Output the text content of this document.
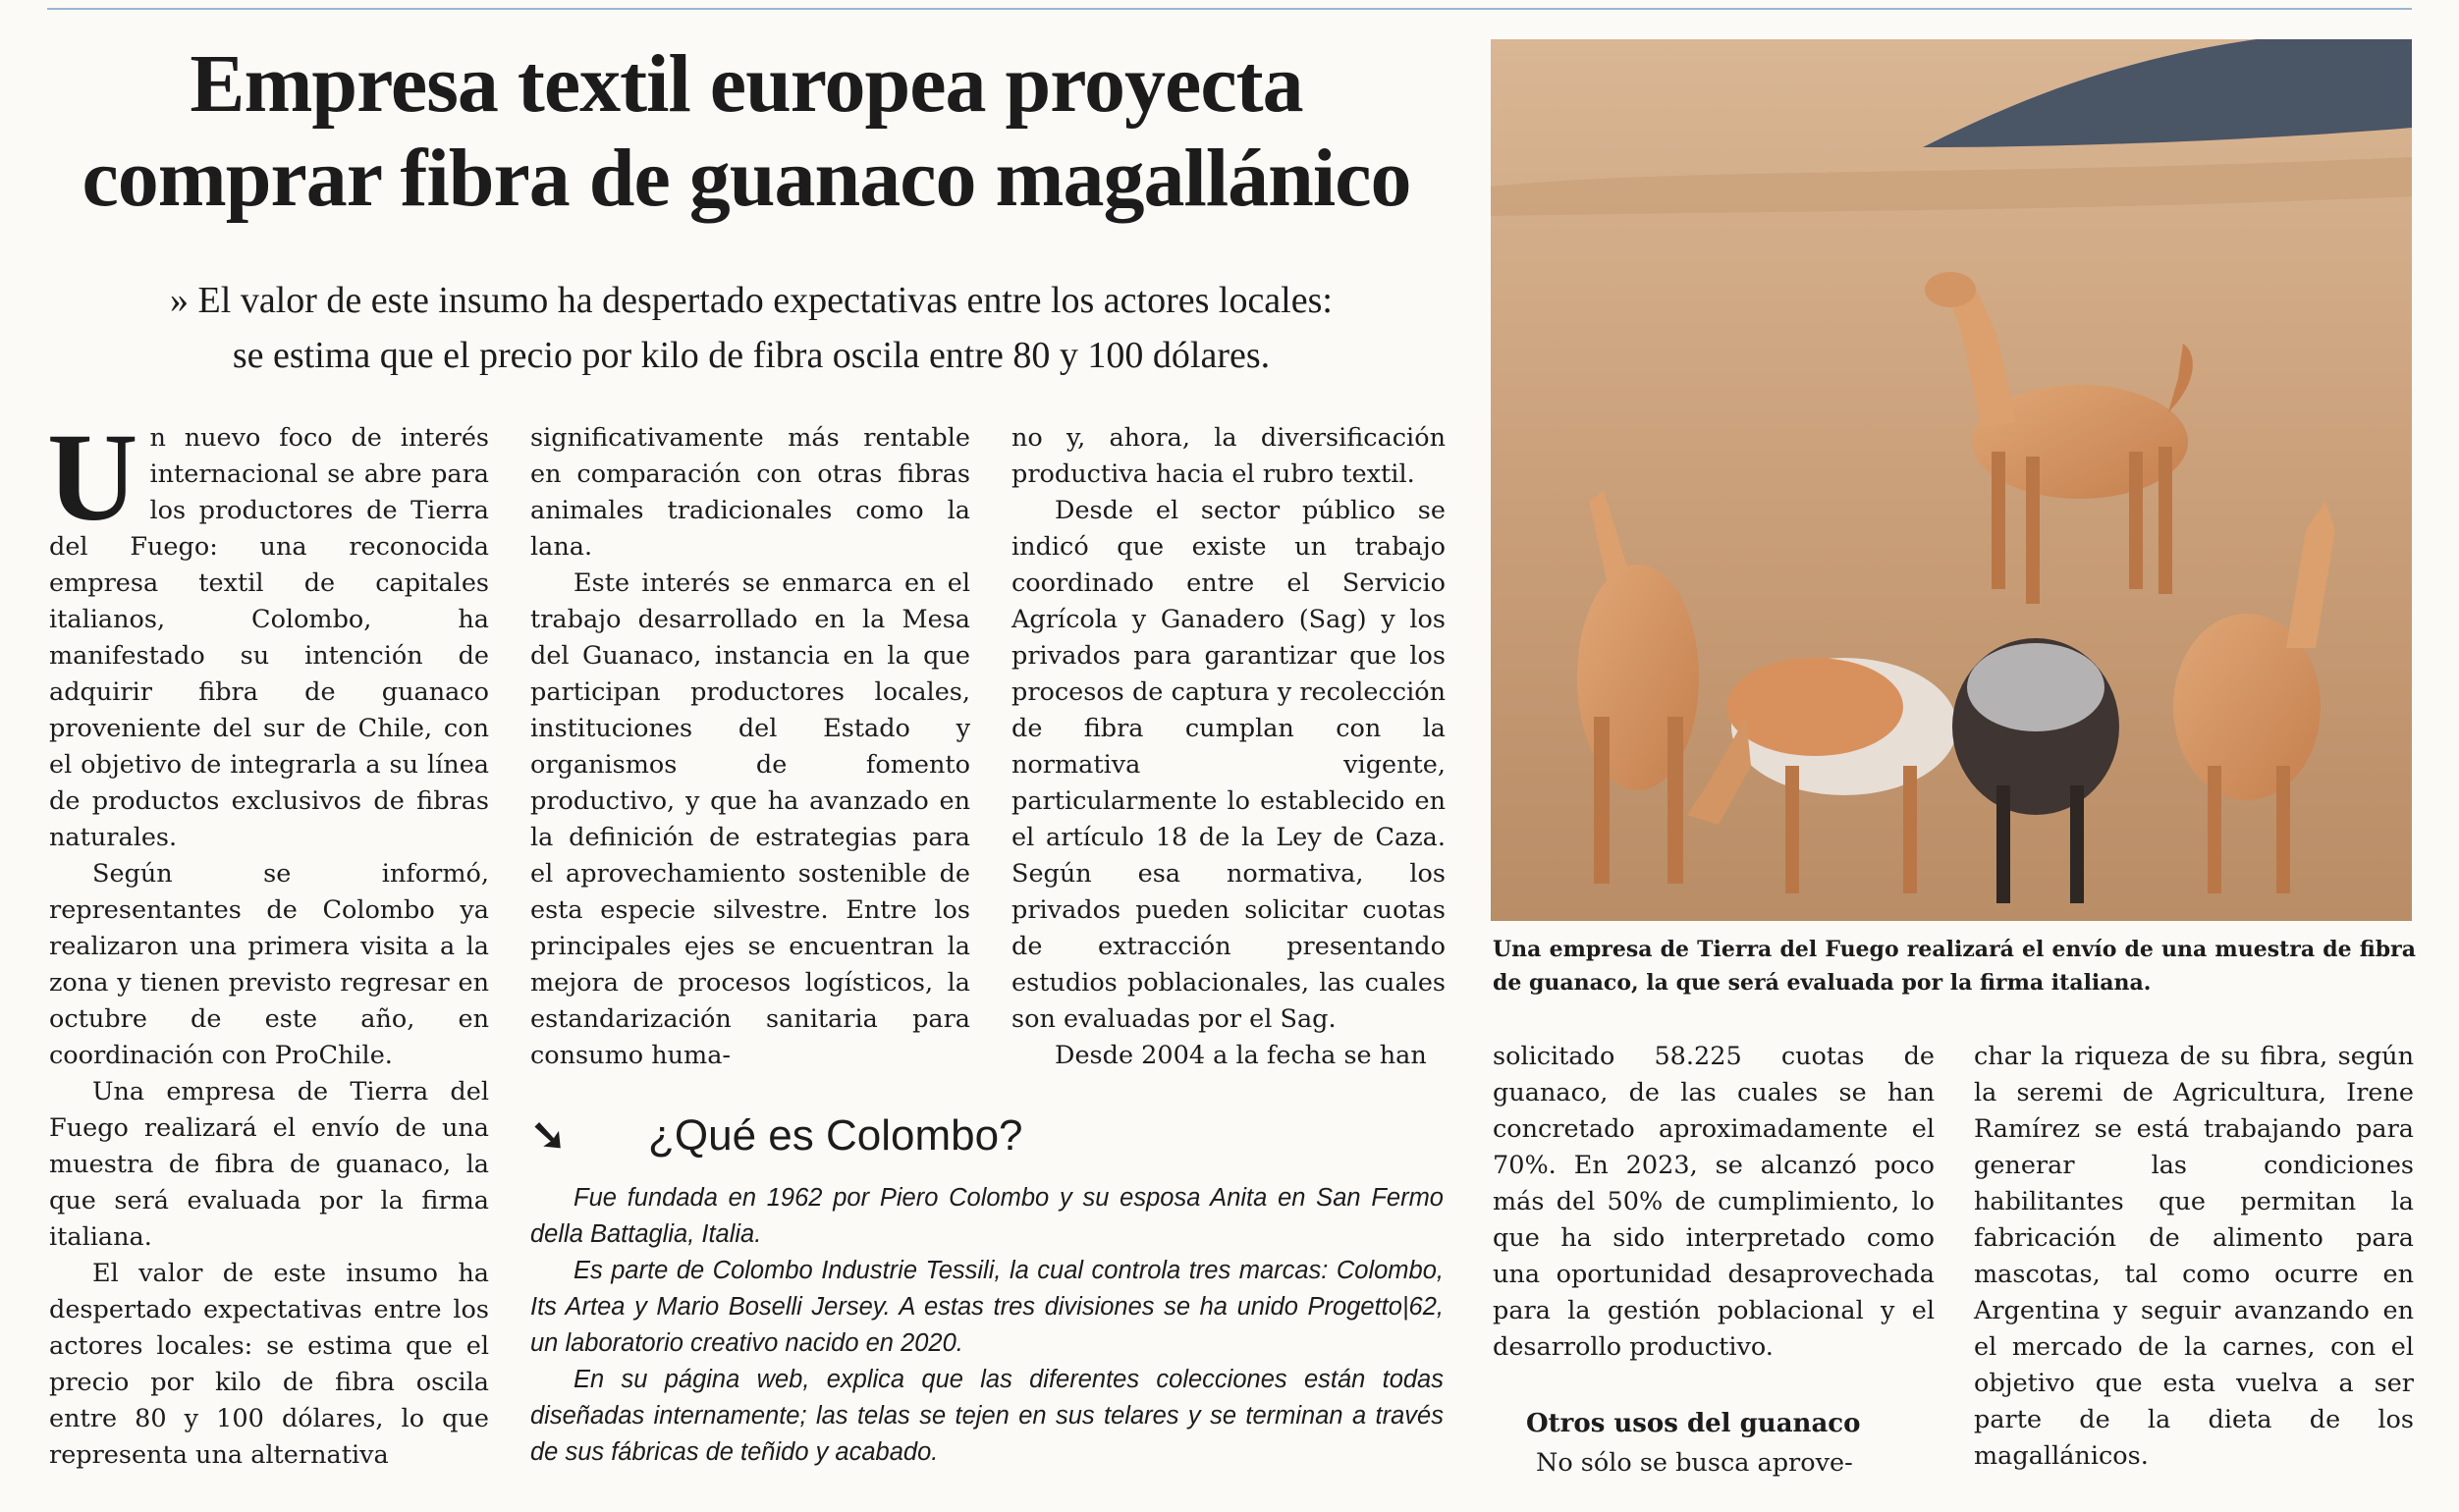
Empresa textil europea proyecta
comprar fibra de guanaco magallánico
» El valor de este insumo ha despertado expectativas entre los actores locales:
se estima que el precio por kilo de fibra oscila entre 80 y 100 dólares.

Un nuevo foco de interés internacional se abre para los productores de Tierra del Fuego: una reconocida empresa textil de capitales italianos, Colombo, ha manifestado su intención de adquirir fibra de guanaco proveniente del sur de Chile, con el objetivo de integrarla a su línea de productos exclusivos de fibras naturales.

Según se informó, representantes de Colombo ya realizaron una primera visita a la zona y tienen previsto regresar en octubre de este año, en coordinación con ProChile.

Una empresa de Tierra del Fuego realizará el envío de una muestra de fibra de guanaco, la que será evaluada por la firma italiana.

El valor de este insumo ha despertado expectativas entre los actores locales: se estima que el precio por kilo de fibra oscila entre 80 y 100 dólares, lo que representa una alternativa

significativamente más rentable en comparación con otras fibras animales tradicionales como la lana.

Este interés se enmarca en el trabajo desarrollado en la Mesa del Guanaco, instancia en la que participan productores locales, instituciones del Estado y organismos de fomento productivo, y que ha avanzado en la definición de estrategias para el aprovechamiento sostenible de esta especie silvestre. Entre los principales ejes se encuentran la mejora de procesos logísticos, la estandarización sanitaria para consumo huma-

no y, ahora, la diversificación productiva hacia el rubro textil.

Desde el sector público se indicó que existe un trabajo coordinado entre el Servicio Agrícola y Ganadero (Sag) y los privados para garantizar que los procesos de captura y recolección de fibra cumplan con la normativa vigente, particularmente lo establecido en el artículo 18 de la Ley de Caza. Según esa normativa, los privados pueden solicitar cuotas de extracción presentando estudios poblacionales, las cuales son evaluadas por el Sag.

Desde 2004 a la fecha se han

➘ ¿Qué es Colombo?

Fue fundada en 1962 por Piero Colombo y su esposa Anita en San Fermo della Battaglia, Italia.

Es parte de Colombo Industrie Tessili, la cual controla tres marcas: Colombo, Its Artea y Mario Boselli Jersey. A estas tres divisiones se ha unido Progetto|62, un laboratorio creativo nacido en 2020.

En su página web, explica que las diferentes colecciones están todas diseñadas internamente; las telas se tejen en sus telares y se terminan a través de sus fábricas de teñido y acabado.

Una empresa de Tierra del Fuego realizará el envío de una muestra de fibra de guanaco, la que será evaluada por la firma italiana.

solicitado 58.225 cuotas de guanaco, de las cuales se han concretado aproximadamente el 70%. En 2023, se alcanzó poco más del 50% de cumplimiento, lo que ha sido interpretado como una oportunidad desaprovechada para la gestión poblacional y el desarrollo productivo.

Otros usos del guanaco
No sólo se busca aprove-

char la riqueza de su fibra, según la seremi de Agricultura, Irene Ramírez se está trabajando para generar las condiciones habilitantes que permitan la fabricación de alimento para mascotas, tal como ocurre en Argentina y seguir avanzando en el mercado de la carnes, con el objetivo que esta vuelva a ser parte de la dieta de los magallánicos.
